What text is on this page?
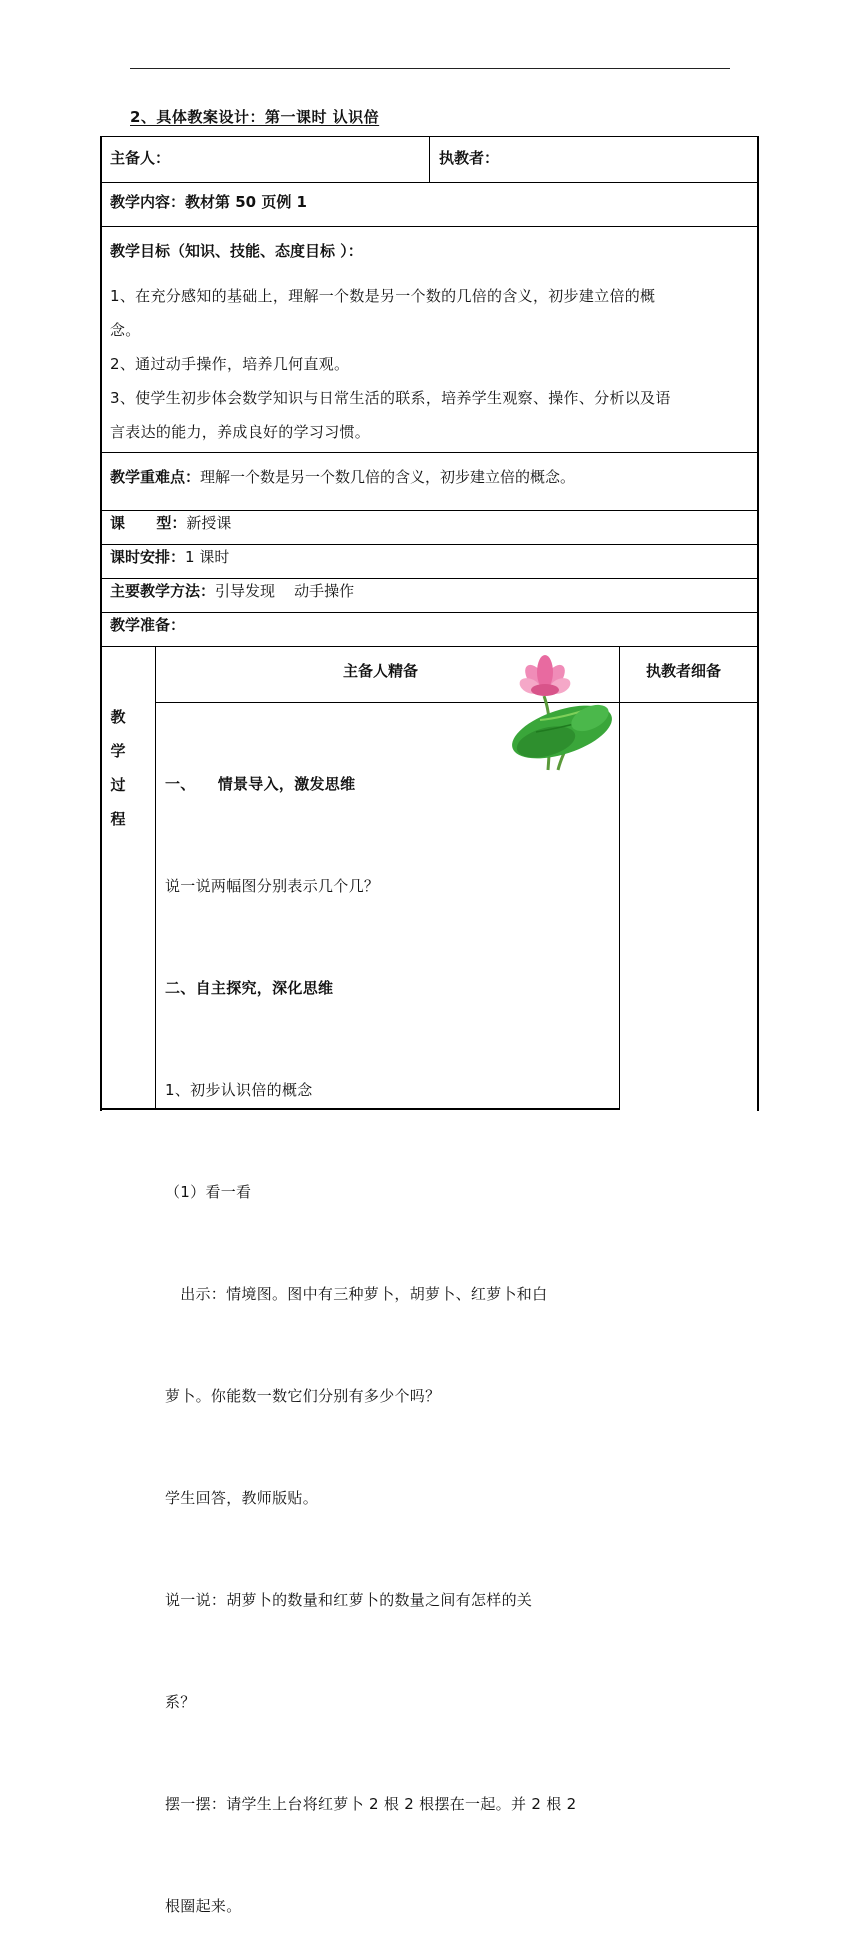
2、具体教案设计：第一课时 认识倍
主备人：	执教者：
教学内容：教材第 50 页例 1
教学目标（知识、技能、态度目标 ）：
1、在充分感知的基础上，理解一个数是另一个数的几倍的含义，初步建立倍的概
念。
2、通过动手操作，培养几何直观。
3、使学生初步体会数学知识与日常生活的联系，培养学生观察、操作、分析以及语
言表达的能力，养成良好的学习习惯。
教学重难点：理解一个数是另一个数几倍的含义，初步建立倍的概念。
课      型：新授课
课时安排：1 课时
主要教学方法：引导发现    动手操作
教学准备：
主备人精备	执教者细备
教
学
过
程

一、    情景导入，激发思维

说一说两幅图分别表示几个几？

二、自主探究，深化思维

1、初步认识倍的概念

（1）看一看

出示：情境图。图中有三种萝卜，胡萝卜、红萝卜和白

萝卜。你能数一数它们分别有多少个吗？

学生回答，教师版贴。

说一说：胡萝卜的数量和红萝卜的数量之间有怎样的关

系？

摆一摆：请学生上台将红萝卜 2 根 2 根摆在一起。并 2 根 2

根圈起来。
